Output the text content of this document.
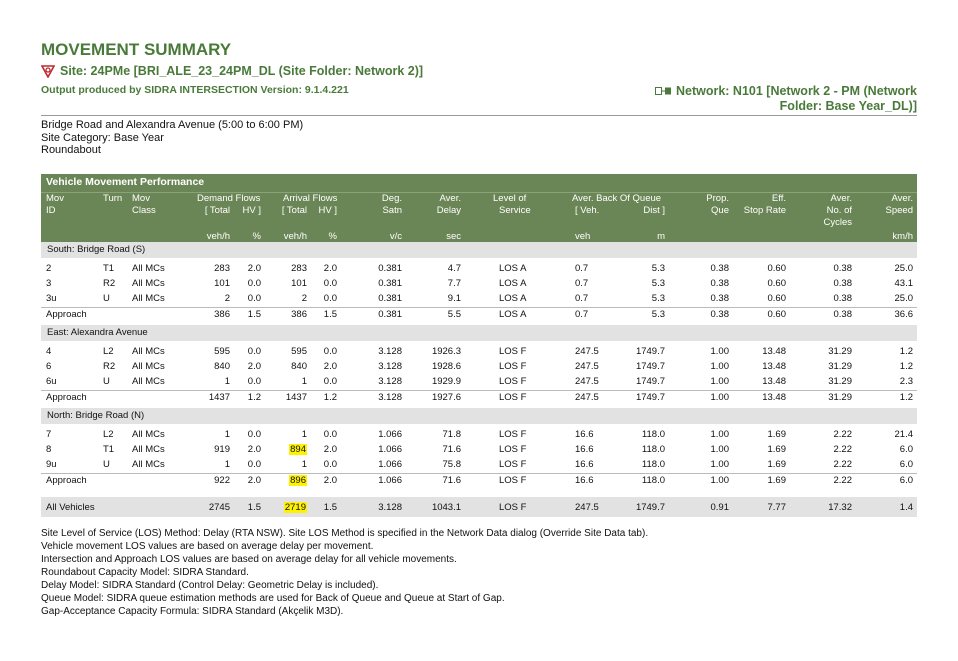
MOVEMENT SUMMARY
Site: 24PMe [BRI_ALE_23_24PM_DL (Site Folder: Network 2)]
Output produced by SIDRA INTERSECTION Version: 9.1.4.221	Network: N101 [Network 2 - PM (Network
Folder: Base Year_DL)]
Bridge Road and Alexandra Avenue (5:00 to 6:00 PM)
Site Category: Base Year
Roundabout
Vehicle Movement Performance
Mov	Turn Mov	Demand Flows Arrival Flows	Deg.	Aver.	Level of	Aver. Back Of Queue	Prop.	Eff.	Aver.	Aver.
ID	Class	[ Total HV ] [ Total HV ]	Satn	Delay	Service	[ Veh.	Dist ]	Que Stop Rate	No. of	Speed
Cycles
veh/h % veh/h %	v/c	sec	veh	m	km/h
South: Bridge Road (S)
2	T1 All MCs	283 2.0	283 2.0	0.381	4.7	LOS A	0.7	5.3	0.38	0.60	0.38	25.0
3	R2 All MCs	101 0.0	101 0.0	0.381	7.7	LOS A	0.7	5.3	0.38	0.60	0.38	43.1
3u	U All MCs	2 0.0	2 0.0	0.381	9.1	LOS A	0.7	5.3	0.38	0.60	0.38	25.0
Approach	386 1.5	386 1.5	0.381	5.5	LOS A	0.7	5.3	0.38	0.60	0.38	36.6
East: Alexandra Avenue
4	L2 All MCs	595 0.0	595 0.0	3.128	1926.3	LOS F	247.5	1749.7	1.00	13.48	31.29	1.2
6	R2 All MCs	840 2.0	840 2.0	3.128	1928.6	LOS F	247.5	1749.7	1.00	13.48	31.29	1.2
6u	U All MCs	1 0.0	1 0.0	3.128	1929.9	LOS F	247.5	1749.7	1.00	13.48	31.29	2.3
Approach	1437 1.2	1437 1.2	3.128	1927.6	LOS F	247.5	1749.7	1.00	13.48	31.29	1.2
North: Bridge Road (N)
7	L2 All MCs	1 0.0	1 0.0	1.066	71.8	LOS F	16.6	118.0	1.00	1.69	2.22	21.4
8	T1 All MCs	919 2.0	894 2.0	1.066	71.6	LOS F	16.6	118.0	1.00	1.69	2.22	6.0
9u	U All MCs	1 0.0	1 0.0	1.066	75.8	LOS F	16.6	118.0	1.00	1.69	2.22	6.0
Approach	922 2.0	896 2.0	1.066	71.6	LOS F	16.6	118.0	1.00	1.69	2.22	6.0
All Vehicles	2745 1.5	2719 1.5	3.128	1043.1	LOS F	247.5	1749.7	0.91	7.77	17.32	1.4
Site Level of Service (LOS) Method: Delay (RTA NSW). Site LOS Method is specified in the Network Data dialog (Override Site Data tab).
Vehicle movement LOS values are based on average delay per movement.
Intersection and Approach LOS values are based on average delay for all vehicle movements.
Roundabout Capacity Model: SIDRA Standard.
Delay Model: SIDRA Standard (Control Delay: Geometric Delay is included).
Queue Model: SIDRA queue estimation methods are used for Back of Queue and Queue at Start of Gap.
Gap-Acceptance Capacity Formula: SIDRA Standard (Akçelik M3D).
